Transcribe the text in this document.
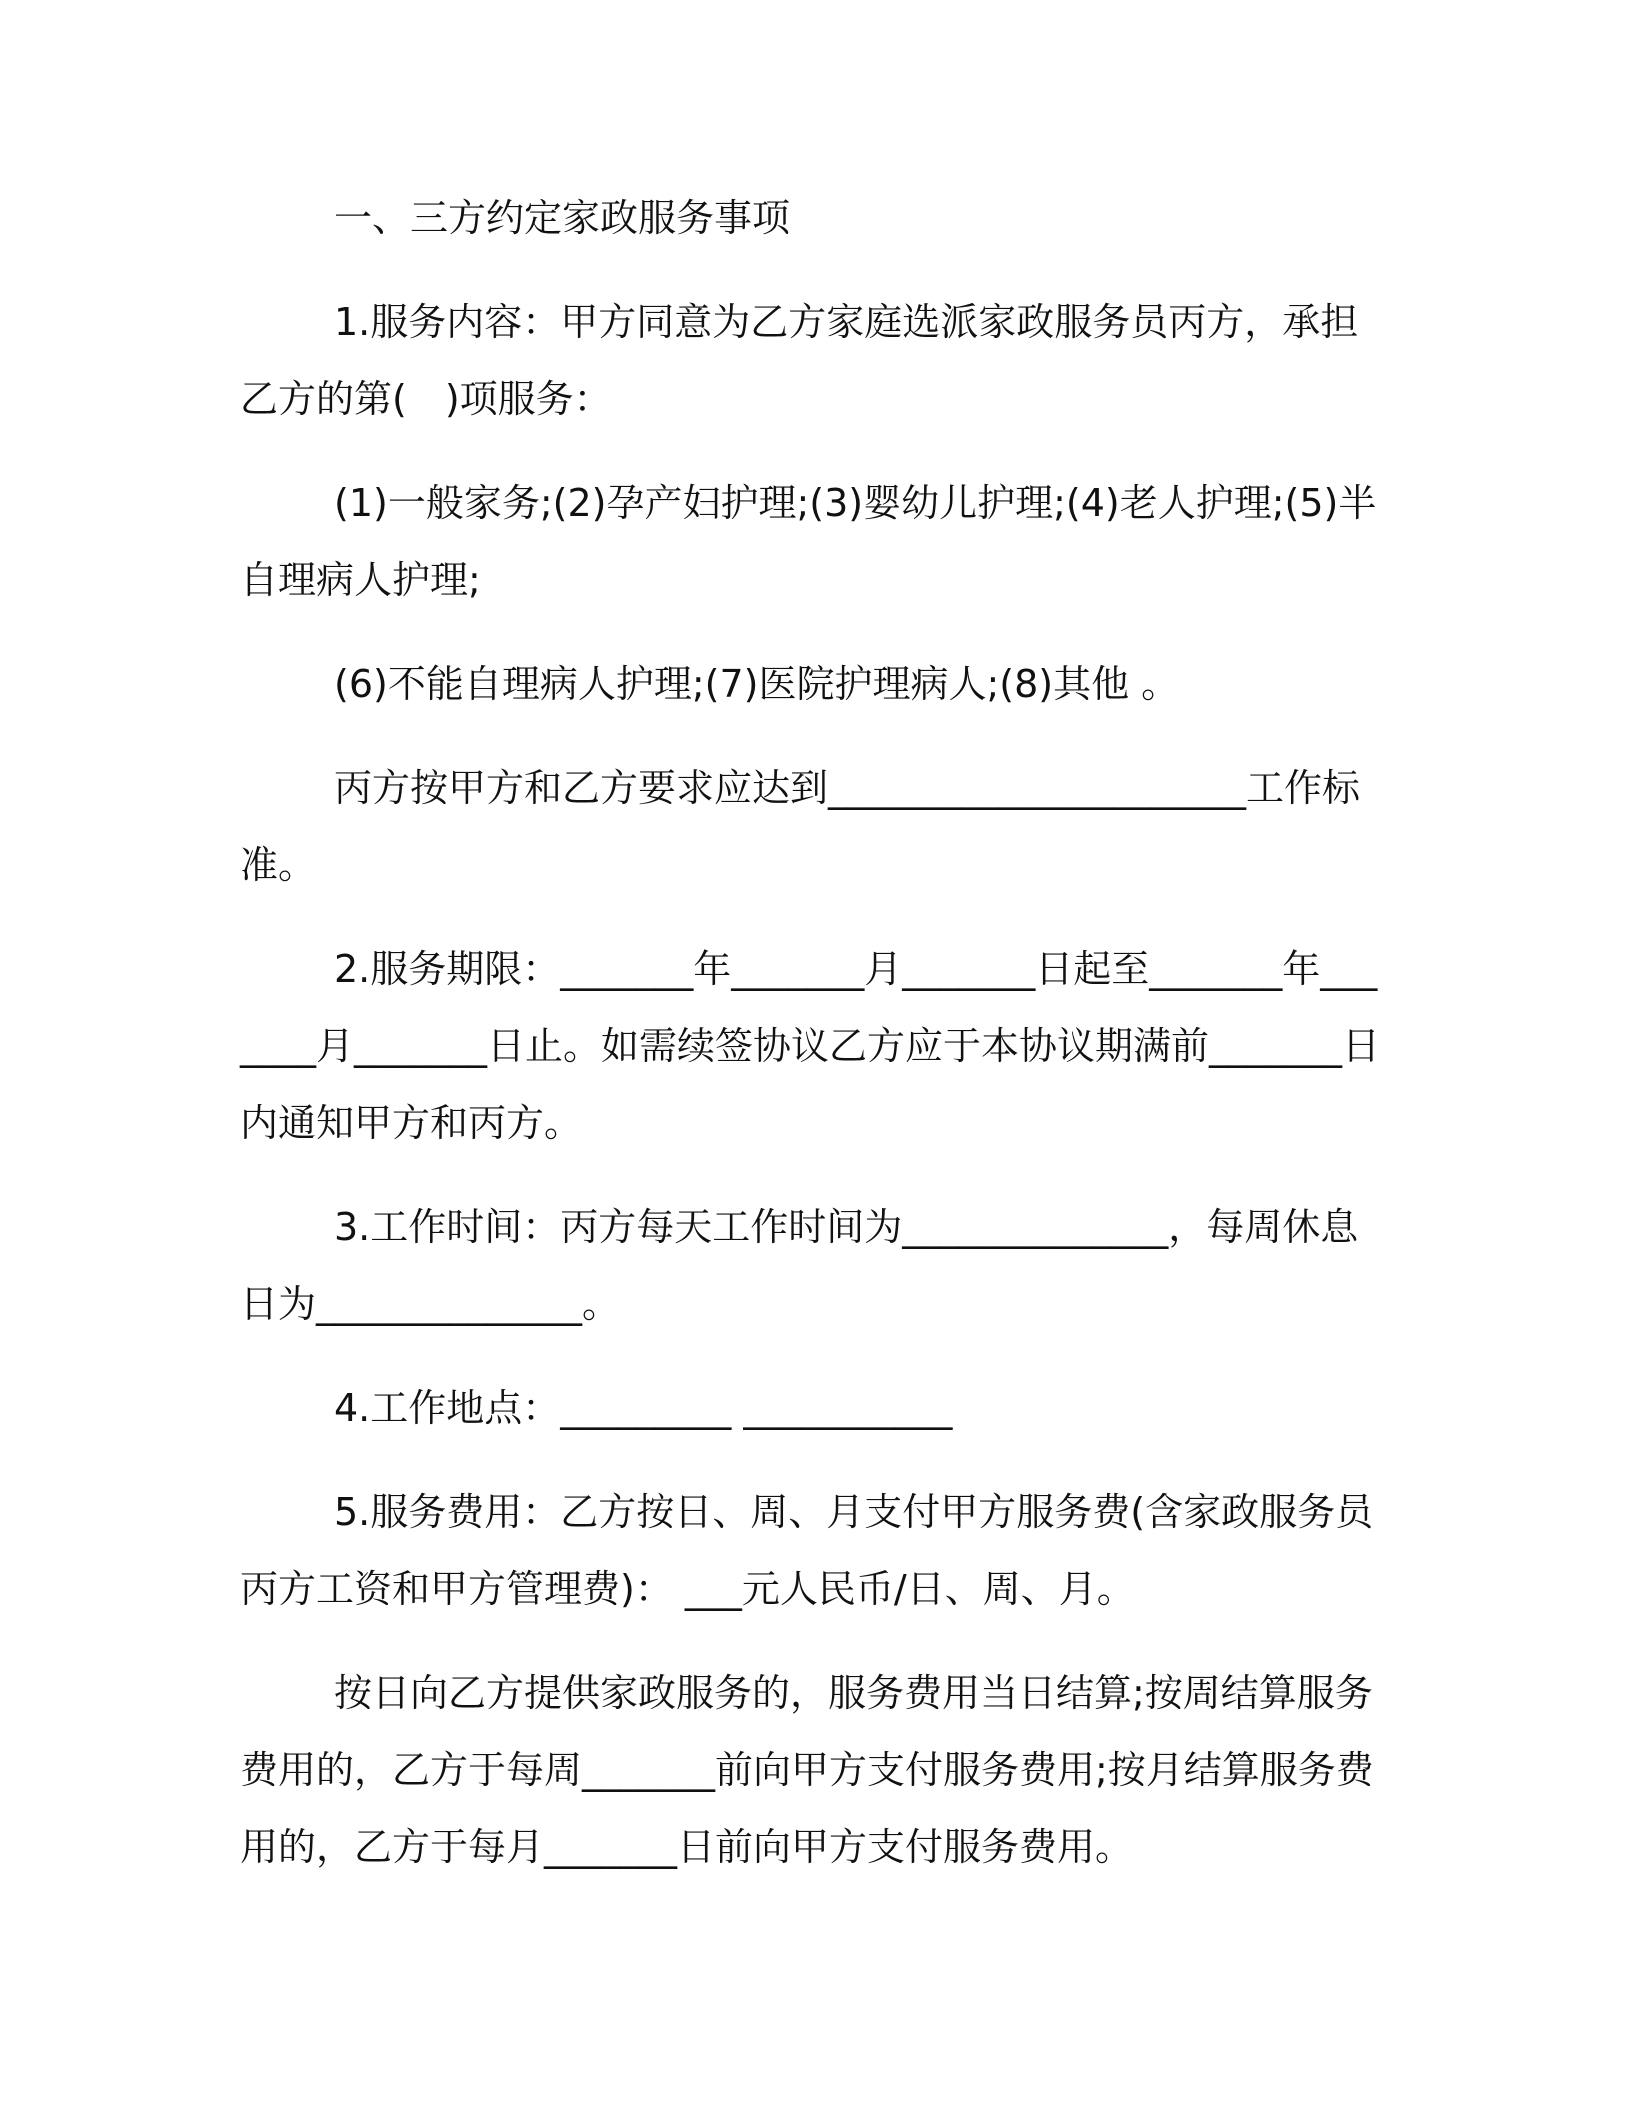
一、三方约定家政服务事项

1.服务内容：甲方同意为乙方家庭选派家政服务员丙方，承担乙方的第(　)项服务：

(1)一般家务;(2)孕产妇护理;(3)婴幼儿护理;(4)老人护理;(5)半自理病人护理;

(6)不能自理病人护理;(7)医院护理病人;(8)其他 。

丙方按甲方和乙方要求应达到______________________工作标准。

2.服务期限：_______年_______月_______日起至_______年_______月_______日止。如需续签协议乙方应于本协议期满前_______日内通知甲方和丙方。

3.工作时间：丙方每天工作时间为______________，每周休息日为______________。

4.工作地点：_________ ___________

5.服务费用：乙方按日、周、月支付甲方服务费(含家政服务员丙方工资和甲方管理费)： ___元人民币/日、周、月。

按日向乙方提供家政服务的，服务费用当日结算;按周结算服务费用的，乙方于每周_______前向甲方支付服务费用;按月结算服务费用的，乙方于每月_______日前向甲方支付服务费用。
